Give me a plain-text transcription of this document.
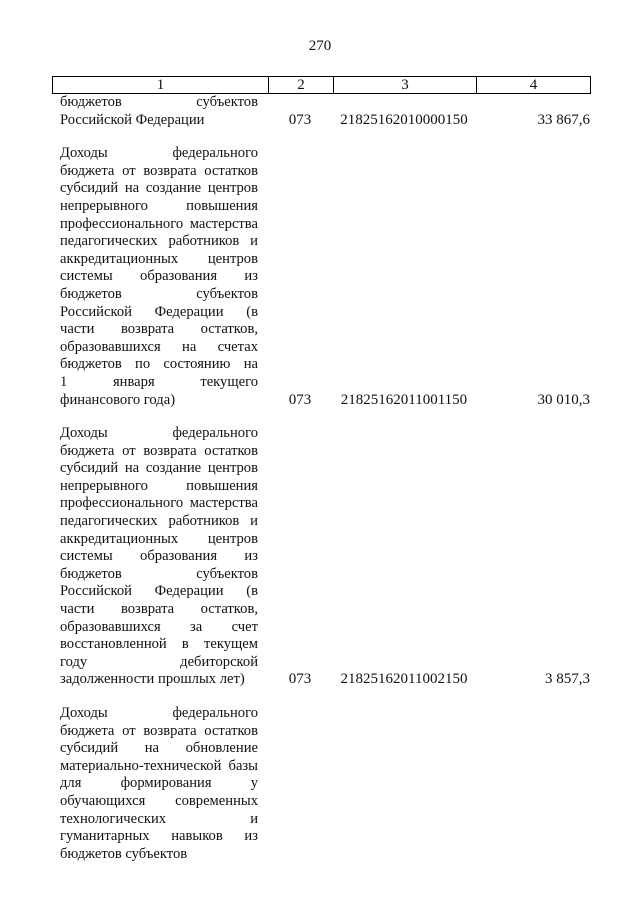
270
1	2	3	4
бюджетов субъектов
Российской Федерации	073	21825162010000150	33 867,6
Доходы федерального
бюджета от возврата остатков
субсидий на создание центров
непрерывного повышения
профессионального мастерства
педагогических работников и
аккредитационных центров
системы образования из
бюджетов субъектов
Российской Федерации (в
части возврата остатков,
образовавшихся на счетах
бюджетов по состоянию на
1 января текущего
финансового года)	073	21825162011001150	30 010,3
Доходы федерального
бюджета от возврата остатков
субсидий на создание центров
непрерывного повышения
профессионального мастерства
педагогических работников и
аккредитационных центров
системы образования из
бюджетов субъектов
Российской Федерации (в
части возврата остатков,
образовавшихся за счет
восстановленной в текущем
году дебиторской
задолженности прошлых лет)	073	21825162011002150	3 857,3
Доходы федерального
бюджета от возврата остатков
субсидий на обновление
материально-технической базы
для формирования у
обучающихся современных
технологических и
гуманитарных навыков из
бюджетов субъектов
